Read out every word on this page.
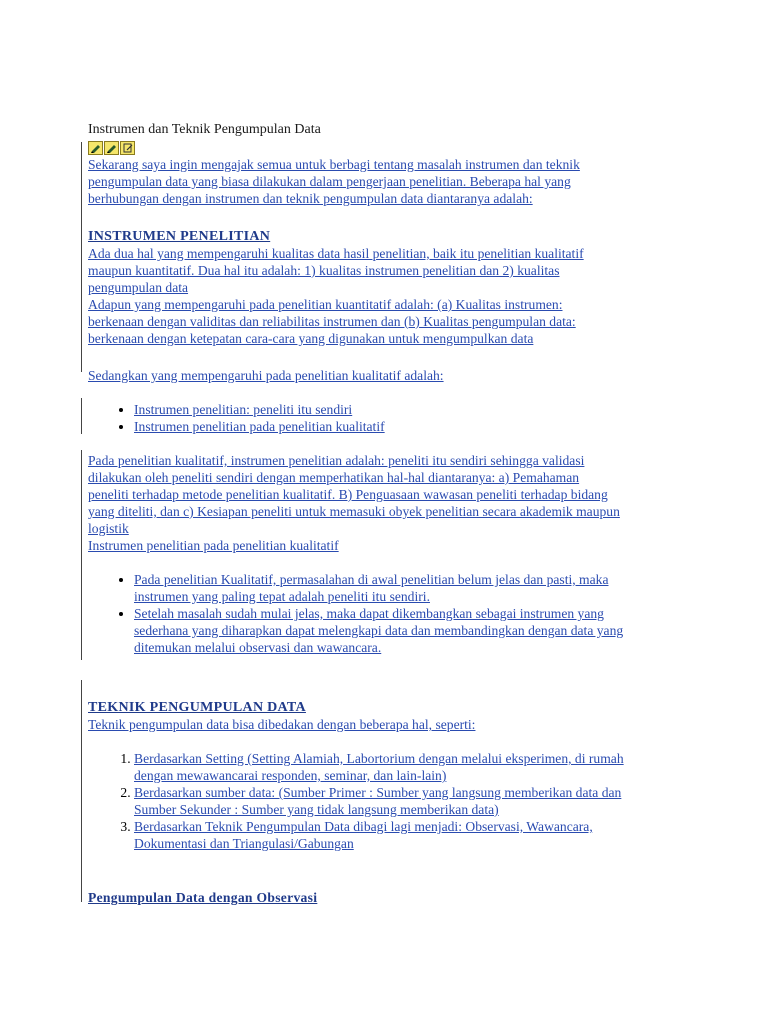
Instrumen dan Teknik Pengumpulan Data

Sekarang saya ingin mengajak semua untuk berbagi tentang masalah instrumen dan teknik

pengumpulan data yang biasa dilakukan dalam pengerjaan penelitian. Beberapa hal yang

berhubungan dengan instrumen dan teknik pengumpulan data diantaranya adalah:

INSTRUMEN PENELITIAN

Ada dua hal yang mempengaruhi kualitas data hasil penelitian, baik itu penelitian kualitatif

maupun kuantitatif. Dua hal itu adalah: 1) kualitas instrumen penelitian dan 2) kualitas

pengumpulan data

Adapun yang mempengaruhi pada penelitian kuantitatif adalah: (a) Kualitas instrumen:

berkenaan dengan validitas dan reliabilitas instrumen dan (b) Kualitas pengumpulan data:

berkenaan dengan ketepatan cara-cara yang digunakan untuk mengumpulkan data

Sedangkan yang mempengaruhi pada penelitian kualitatif adalah:

• Instrumen penelitian: peneliti itu sendiri
• Instrumen penelitian pada penelitian kualitatif

Pada penelitian kualitatif, instrumen penelitian adalah: peneliti itu sendiri sehingga validasi

dilakukan oleh peneliti sendiri dengan memperhatikan hal-hal diantaranya: a) Pemahaman

peneliti terhadap metode penelitian kualitatif. B) Penguasaan wawasan peneliti terhadap bidang

yang diteliti, dan c) Kesiapan peneliti untuk memasuki obyek penelitian secara akademik maupun

logistik

Instrumen penelitian pada penelitian kualitatif

• Pada penelitian Kualitatif, permasalahan di awal penelitian belum jelas dan pasti, maka
instrumen yang paling tepat adalah peneliti itu sendiri.
• Setelah masalah sudah mulai jelas, maka dapat dikembangkan sebagai instrumen yang
sederhana yang diharapkan dapat melengkapi data dan membandingkan dengan data yang
ditemukan melalui observasi dan wawancara.

TEKNIK PENGUMPULAN DATA

Teknik pengumpulan data bisa dibedakan dengan beberapa hal, seperti:

1. Berdasarkan Setting (Setting Alamiah, Labortorium dengan melalui eksperimen, di rumah
dengan mewawancarai responden, seminar, dan lain-lain)
2. Berdasarkan sumber data: (Sumber Primer : Sumber yang langsung memberikan data dan
Sumber Sekunder : Sumber yang tidak langsung memberikan data)
3. Berdasarkan Teknik Pengumpulan Data dibagi lagi menjadi: Observasi, Wawancara,
Dokumentasi dan Triangulasi/Gabungan

Pengumpulan Data dengan Observasi
